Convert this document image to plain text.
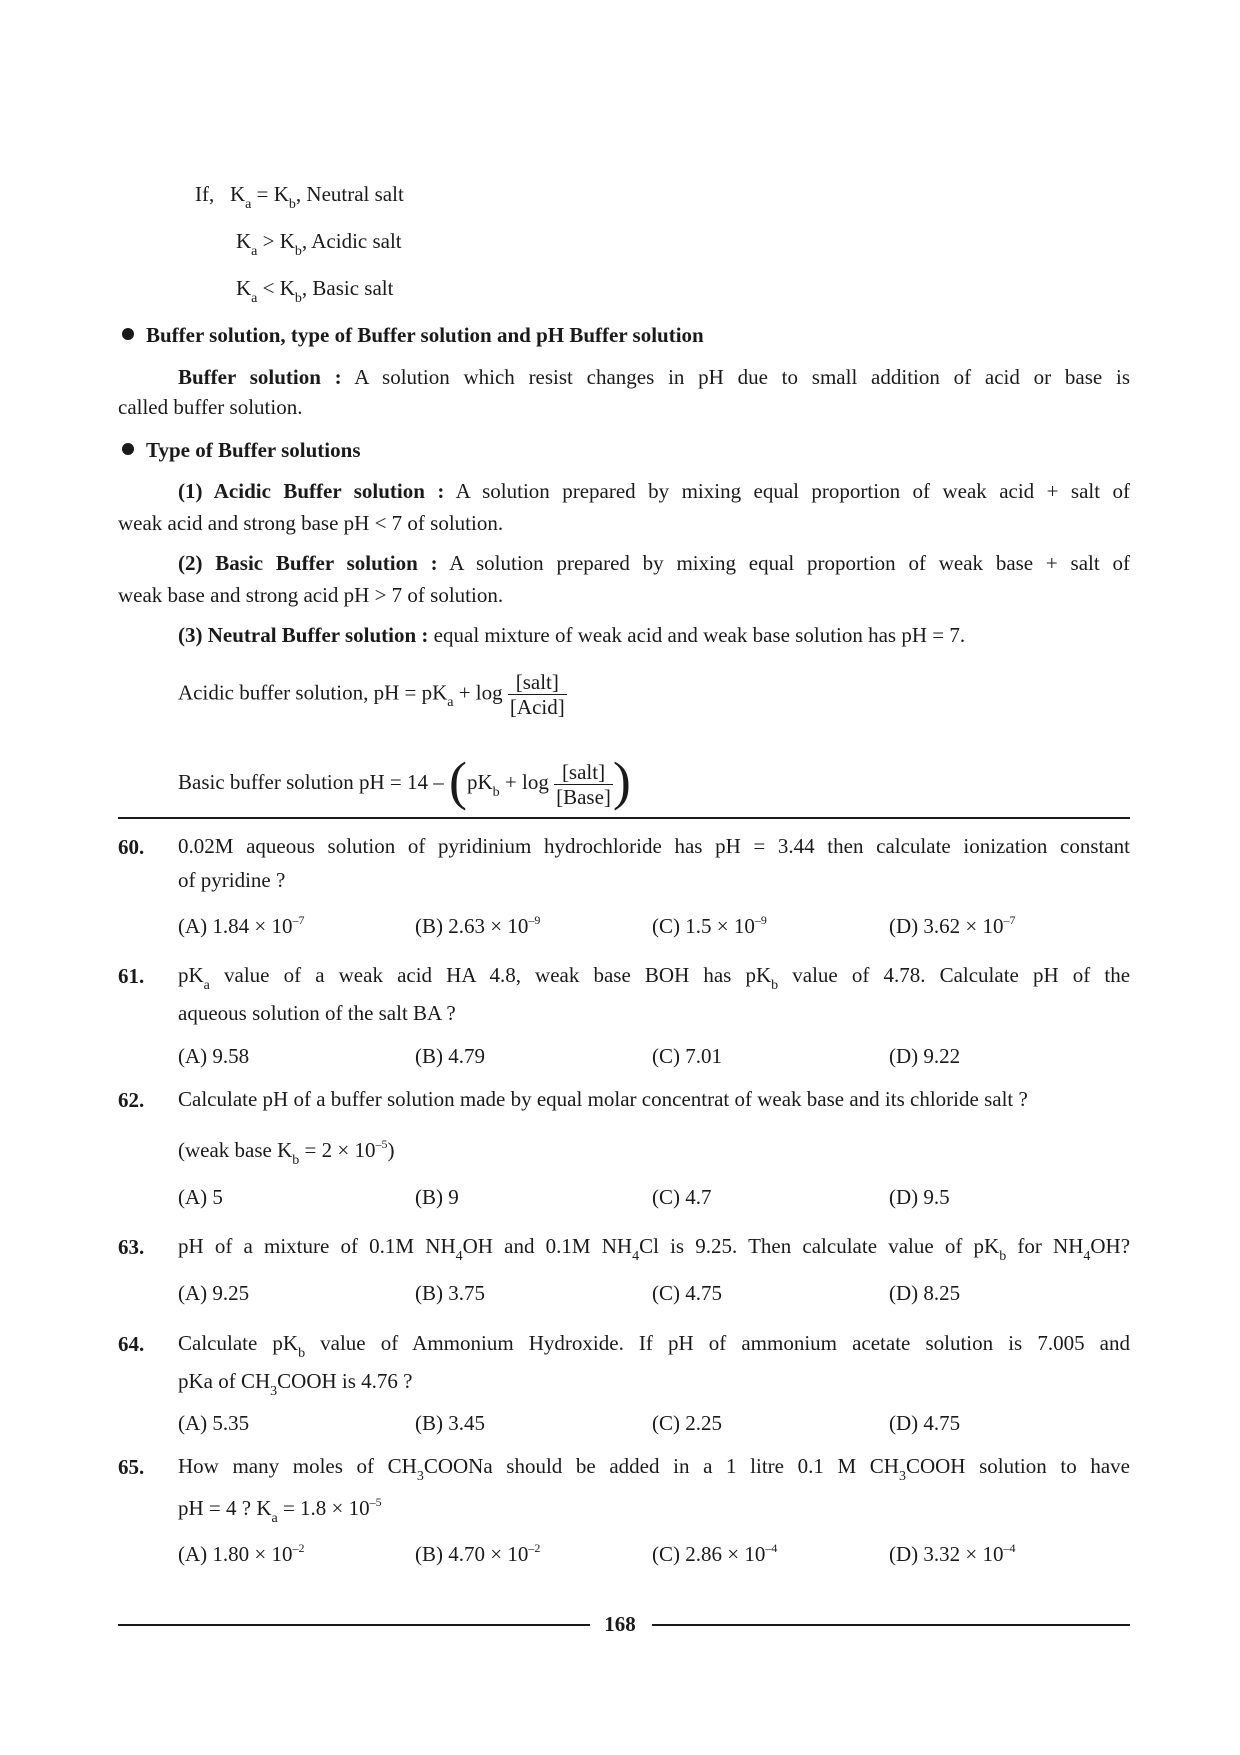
If,   $K_a = K_b$, Neutral salt
$K_a > K_b$, Acidic salt
$K_a < K_b$, Basic salt
Buffer solution, type of Buffer solution and pH Buffer solution
Buffer solution : A solution which resist changes in pH due to small addition of acid or base is
called buffer solution.
Type of Buffer solutions
(1) Acidic Buffer solution : A solution prepared by mixing equal proportion of weak acid + salt of
weak acid and strong base pH < 7 of solution.
(2) Basic Buffer solution : A solution prepared by mixing equal proportion of weak base + salt of
weak base and strong acid pH > 7 of solution.
(3) Neutral Buffer solution : equal mixture of weak acid and weak base solution has pH = 7.
Acidic buffer solution, pH = $pK_a + \log \frac{\text{[salt]}}{\text{[Acid]}}$
Basic buffer solution pH = $14 - (pK_b + \log \frac{\text{[salt]}}{\text{[Base]}}$ )
60. 0.02M aqueous solution of pyridinium hydrochloride has pH = 3.44 then calculate ionization constant
of pyridine ?
(A) $1.84 \times 10^{-7}$	(B) $2.63 \times 10^{-9}$	(C) $1.5 \times 10^{-9}$	(D) $3.62 \times 10^{-7}$
61. $pK_a$ value of a weak acid HA 4.8, weak base BOH has $pK_b$ value of 4.78. Calculate pH of the
aqueous solution of the salt BA ?
(A) 9.58	(B) 4.79	(C) 7.01	(D) 9.22
62. Calculate pH of a buffer solution made by equal molar concentrat of weak base and its chloride salt ?
(weak base $K_b = 2 \times 10^{-5}$)
(A) 5	(B) 9	(C) 4.7	(D) 9.5
63. pH of a mixture of 0.1M $NH_4OH$ and 0.1M $NH_4Cl$ is 9.25. Then calculate value of $pK_b$ for $NH_4OH$?
(A) 9.25	(B) 3.75	(C) 4.75	(D) 8.25
64. Calculate $pK_b$ value of Ammonium Hydroxide. If pH of ammonium acetate solution is 7.005 and
pKa of $CH_3COOH$ is 4.76 ?
(A) 5.35	(B) 3.45	(C) 2.25	(D) 4.75
65. How many moles of $CH_3COONa$ should be added in a 1 litre 0.1 M $CH_3COOH$ solution to have
pH = 4 ? $K_a = 1.8 \times 10^{-5}$
(A) $1.80 \times 10^{-2}$	(B) $4.70 \times 10^{-2}$	(C) $2.86 \times 10^{-4}$	(D) $3.32 \times 10^{-4}$
168
